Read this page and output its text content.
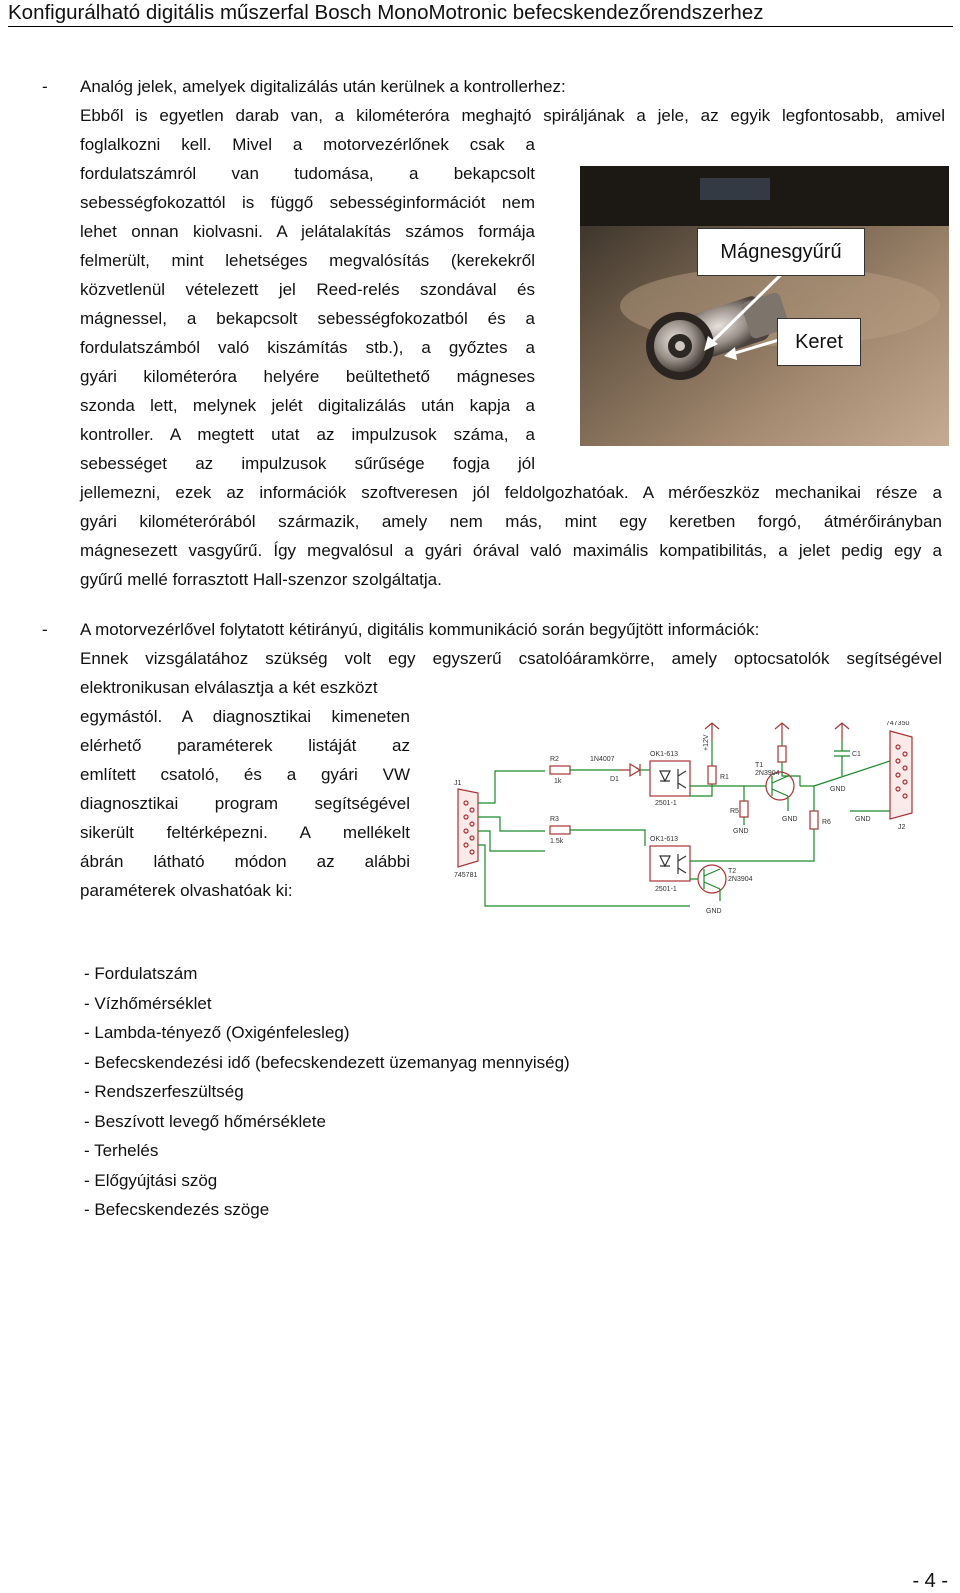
Konfigurálható digitális műszerfal Bosch MonoMotronic befecskendezőrendszerhez
- Analóg jelek, amelyek digitalizálás után kerülnek a kontrollerhez:
Ebből is egyetlen darab van, a kilométeróra meghajtó spiráljának a jele, az egyik legfontosabb, amivel
foglalkozni kell. Mivel a motorvezérlőnek csak a
fordulatszámról van tudomása, a bekapcsolt
sebességfokozattól is függő sebességinformációt nem
lehet onnan kiolvasni. A jelátalakítás számos formája
felmerült, mint lehetséges megvalósítás (kerekekről
közvetlenül vételezett jel Reed-relés szondával és
mágnessel, a bekapcsolt sebességfokozatból és a
fordulatszámból való kiszámítás stb.), a győztes a
gyári kilométeróra helyére beültethető mágneses
szonda lett, melynek jelét digitalizálás után kapja a
kontroller. A megtett utat az impulzusok száma, a
sebességet az impulzusok sűrűsége fogja jól
jellemezni, ezek az információk szoftveresen jól feldolgozhatóak. A mérőeszköz mechanikai része a
gyári kilométerórából származik, amely nem más, mint egy keretben forgó, átmérőirányban
mágnesezett vasgyűrű. Így megvalósul a gyári órával való maximális kompatibilitás, a jelet pedig egy a
gyűrű mellé forrasztott Hall-szenzor szolgáltatja.
Mágnesgyűrű
Keret
- A motorvezérlővel folytatott kétirányú, digitális kommunikáció során begyűjtött információk:
Ennek vizsgálatához szükség volt egy egyszerű csatolóáramkörre, amely optocsatolók segítségével
elektronikusan elválasztja a két eszközt
egymástól. A diagnosztikai kimeneten
elérhető paraméterek listáját az
említett csatoló, és a gyári VW
diagnosztikai program segítségével
sikerült feltérképezni. A mellékelt
ábrán látható módon az alábbi
paraméterek olvashatóak ki:
J1
745781
R2
1k
R3
1.5k
1N4007
D1
OK1-613
2501-1
OK1-613
2501-1
+12V
R1
T1
2N3904
GND
GND
R5
R6
C1
GND
T2
2N3904
GND
747350
J2
GND
- Fordulatszám
- Vízhőmérséklet
- Lambda-tényező (Oxigénfelesleg)
- Befecskendezési idő (befecskendezett üzemanyag mennyiség)
- Rendszerfeszültség
- Beszívott levegő hőmérséklete
- Terhelés
- Előgyújtási szög
- Befecskendezés szöge
- 4 -
